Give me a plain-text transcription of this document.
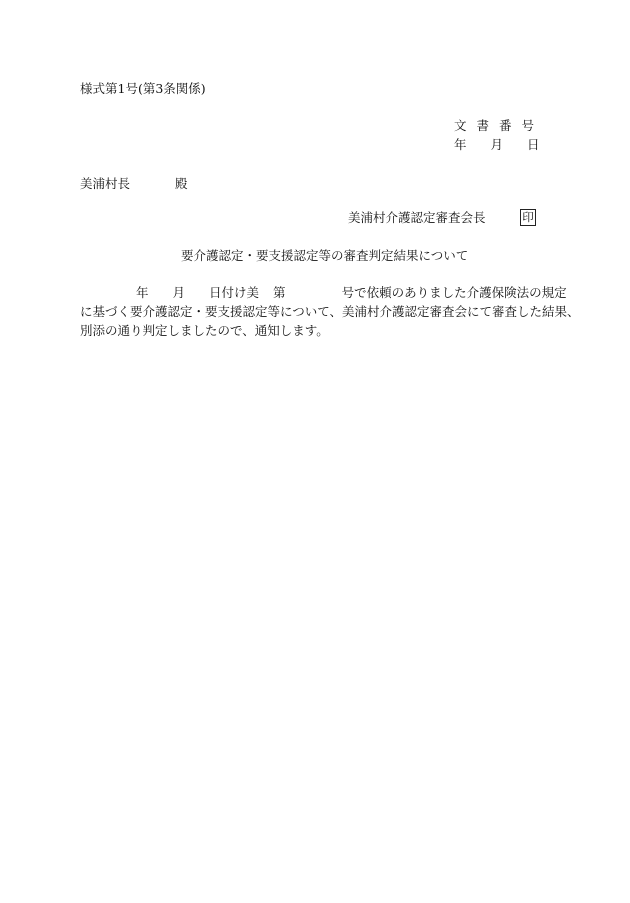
様式第1号(第3条関係)
文 書 番 号
年 月 日
美浦村長	殿
美浦村介護認定審査会長	印
要介護認定・要支援認定等の審査判定結果について
年 月 日付け美 第	号で依頼のありました介護保険法の規定
に基づく要介護認定・要支援認定等について、美浦村介護認定審査会にて審査した結果、
別添の通り判定しましたので、通知します。
